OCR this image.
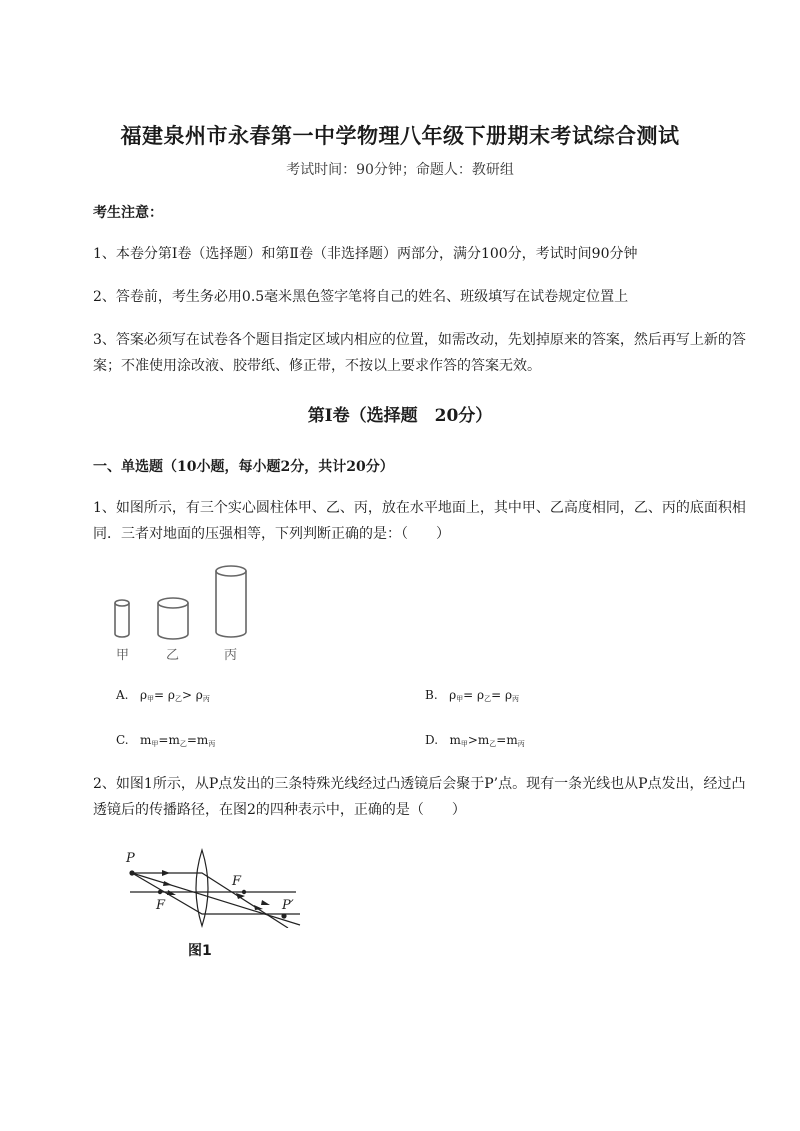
福建泉州市永春第一中学物理八年级下册期末考试综合测试
考试时间：90分钟；命题人：教研组
考生注意：
1、本卷分第I卷（选择题）和第Ⅱ卷（非选择题）两部分，满分100分，考试时间90分钟
2、答卷前，考生务必用0.5毫米黑色签字笔将自己的姓名、班级填写在试卷规定位置上
3、答案必须写在试卷各个题目指定区域内相应的位置，如需改动，先划掉原来的答案，然后再写上新的答案；不准使用涂改液、胶带纸、修正带，不按以上要求作答的答案无效。
第I卷（选择题　20分）
一、单选题（10小题，每小题2分，共计20分）
1、如图所示，有三个实心圆柱体甲、乙、丙，放在水平地面上，其中甲、乙高度相同，乙、丙的底面积相同．三者对地面的压强相等，下列判断正确的是：（　　）
甲	乙	丙
A. $\rho_甲= \rho_乙> \rho_丙$	B. $\rho_甲= \rho_乙= \rho_丙$
C. $m_甲=m_乙=m_丙$	D. $m_甲>m_乙=m_丙$
2、如图1所示，从P点发出的三条特殊光线经过凸透镜后会聚于P’点。现有一条光线也从P点发出，经过凸透镜后的传播路径，在图2的四种表示中，正确的是（　　）
P
F
F
P′
图1
